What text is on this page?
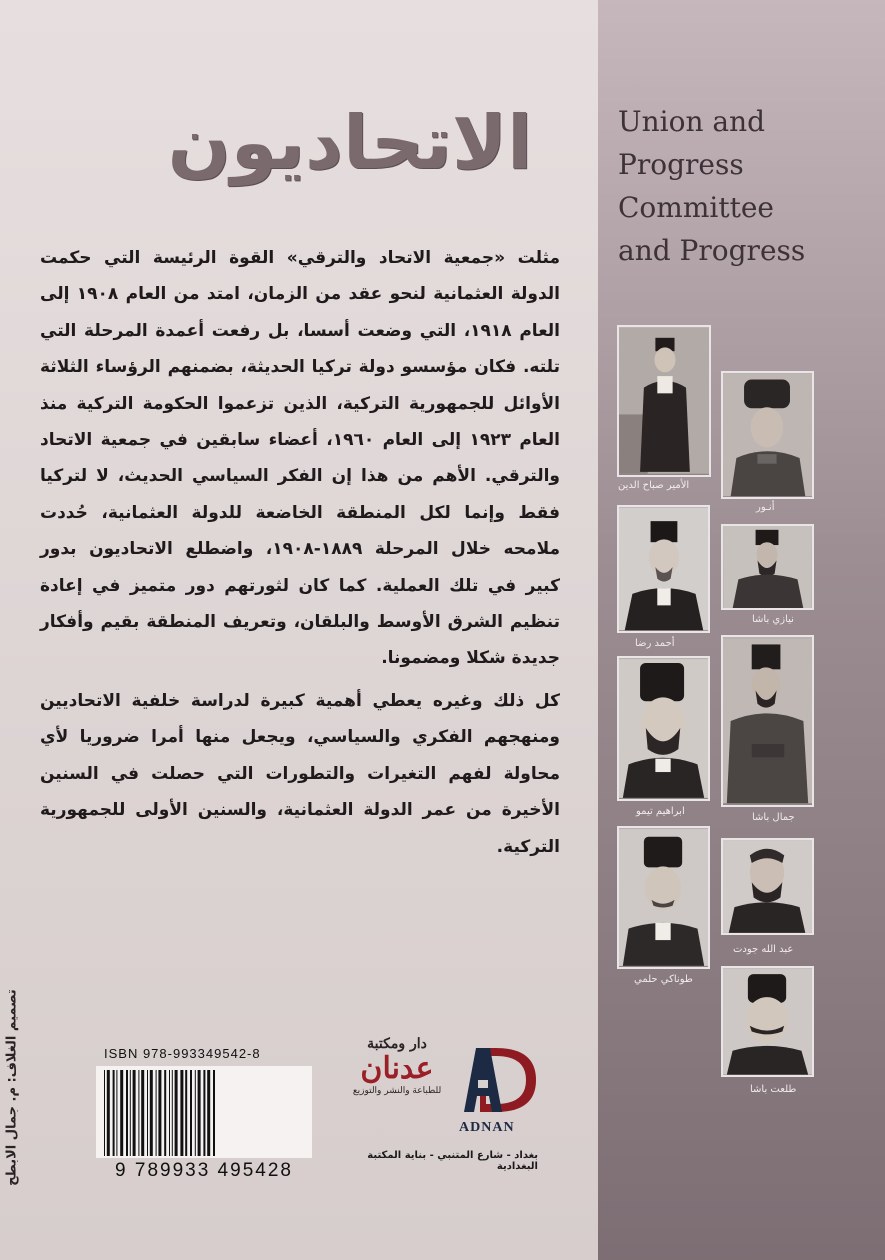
الاتحاديون

مثلت «جمعية الاتحاد والترقي» القوة الرئيسة التي حكمت الدولة العثمانية لنحو عقد من الزمان، امتد من العام ١٩٠٨ إلى العام ١٩١٨، التي وضعت أسسا، بل رفعت أعمدة المرحلة التي تلته. فكان مؤسسو دولة تركيا الحديثة، بضمنهم الرؤساء الثلاثة الأوائل للجمهورية التركية، الذين تزعموا الحكومة التركية منذ العام ١٩٢٣ إلى العام ١٩٦٠، أعضاء سابقين في جمعية الاتحاد والترقي. الأهم من هذا إن الفكر السياسي الحديث، لا لتركيا فقط وإنما لكل المنطقة الخاضعة للدولة العثمانية، حُددت ملامحه خلال المرحلة ١٨٨٩-١٩٠٨، واضطلع الاتحاديون بدور كبير في تلك العملية. كما كان لثورتهم دور متميز في إعادة تنظيم الشرق الأوسط والبلقان، وتعريف المنطقة بقيم وأفكار جديدة شكلا ومضمونا.

كل ذلك وغيره يعطي أهمية كبيرة لدراسة خلفية الاتحاديين ومنهجهم الفكري والسياسي، ويجعل منها أمرا ضروريا لأي محاولة لفهم التغيرات والتطورات التي حصلت في السنين الأخيرة من عمر الدولة العثمانية، والسنين الأولى للجمهورية التركية.

Union and
Progress
Committee
and Progress
الأمير صباح الدين
أنـور
أحمد رضا
نيازي باشا
ابراهيم تيمو
جمال باشا
طوناكي حلمي
عبد الله جودت
طلعت باشا
ISBN 978-993349542-8
9 789933 495428
دار ومكتبة
عدنان
للطباعة والنشر والتوزيع
ADNAN
بغداد - شارع المتنبي - بناية المكتبة البغدادية
تصميم الغلاف: م. جمال الابطح
